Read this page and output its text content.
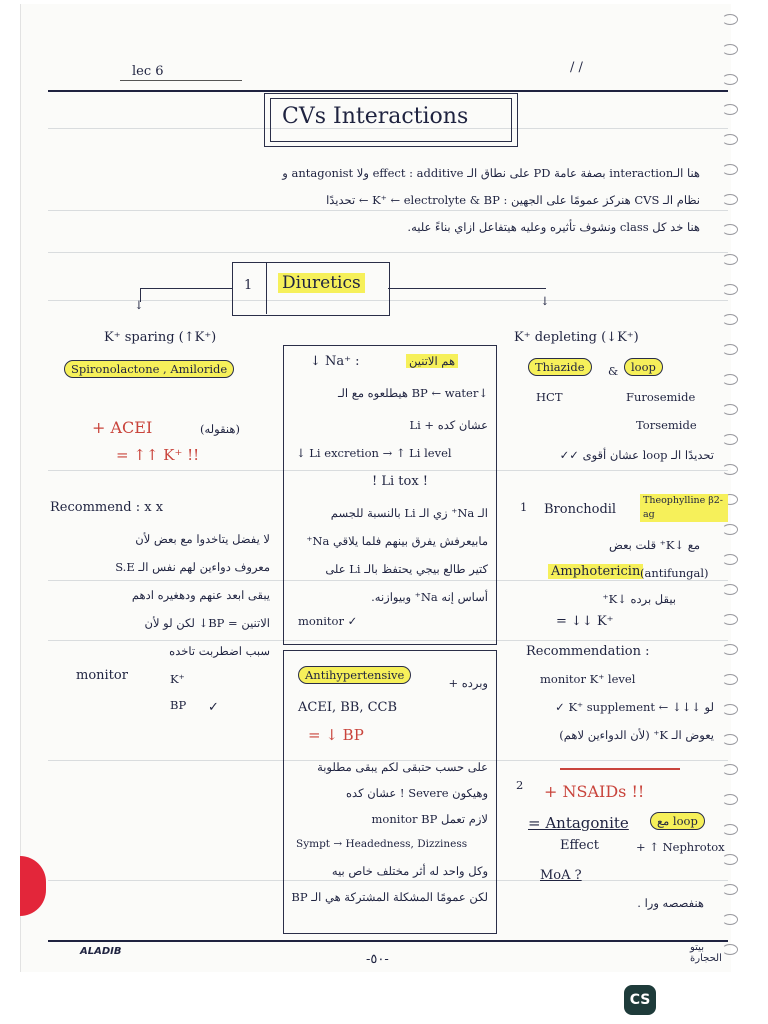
lec 6	/ /
CVs Interactions
هنا الـinteraction بصفة عامة PD على نطاق الـ effect : additive ولا antagonist و
نظام الـ CVS هنركز عمومًا على الجهين : K⁺ ← electrolyte & BP ← تحديدًا
هنا خد كل class ونشوف تأثيره وعليه هيتفاعل ازاي بناءً عليه.
1 Diuretics
↓	↓
K⁺ sparing (↑K⁺)
Spironolactone , Amiloride
+ ACEI	(هنقوله)
= ↑↑ K⁺ !!
Recommend : x x
لا يفضل يتاخدوا مع بعض لأن
معروف دواءين لهم نفس الـ S.E
يبقى ابعد عنهم ودهغيره ادهم
الاتنين = BP↓ لكن لو لأن
سبب اضطربت تاخده
monitor	K⁺
BP ✓
↓ Na⁺ :	هم الاتنين
↓BP ← water هيطلعوه مع الـ
عشان كده + Li
↓ Li excretion → ↑ Li level
! Li tox !
الـ Na⁺ زي الـ Li بالنسبة للجسم
مابيعرفش يفرق بينهم فلما يلاقي Na⁺
كتير طالع بيجي يحتفظ بالـ Li على
أساس إنه Na⁺ وبيوازنه.
monitor ✓
وبرده +
Antihypertensive
ACEI, BB, CCB
= ↓ BP
على حسب حتبقى لكم يبقى مطلوبة
وهيكون Severe ! عشان كده
لازم تعمل monitor BP
Sympt → Headedness, Dizziness
وكل واحد له أثر مختلف خاص بيه
لكن عمومًا المشكلة المشتركة هي الـ BP
K⁺ depleting (↓K⁺)
Thiazide	&	loop
HCT	Furosemide
Torsemide
تحديدًا الـ loop عشان أقوى ✓✓
1 Bronchodil
Theophylline β2-ag
مع ↓K⁺ قلت بعض
Amphotericin (antifungal)
بيقل برده ↓K⁺
= ↓↓ K⁺
Recommendation :
monitor K⁺ level
لو ↓↓↓ ← K⁺ supplement ✓
يعوض الـ K⁺ (لأن الدواءين لاهم)
2 + NSAIDs !!
= Antagonite	مع loop
Effect	+ ↑ Nephrotox
MoA ?
هنفصصه ورا .
ALADIB
-٥٠-
بيتو الحجارة
CS
